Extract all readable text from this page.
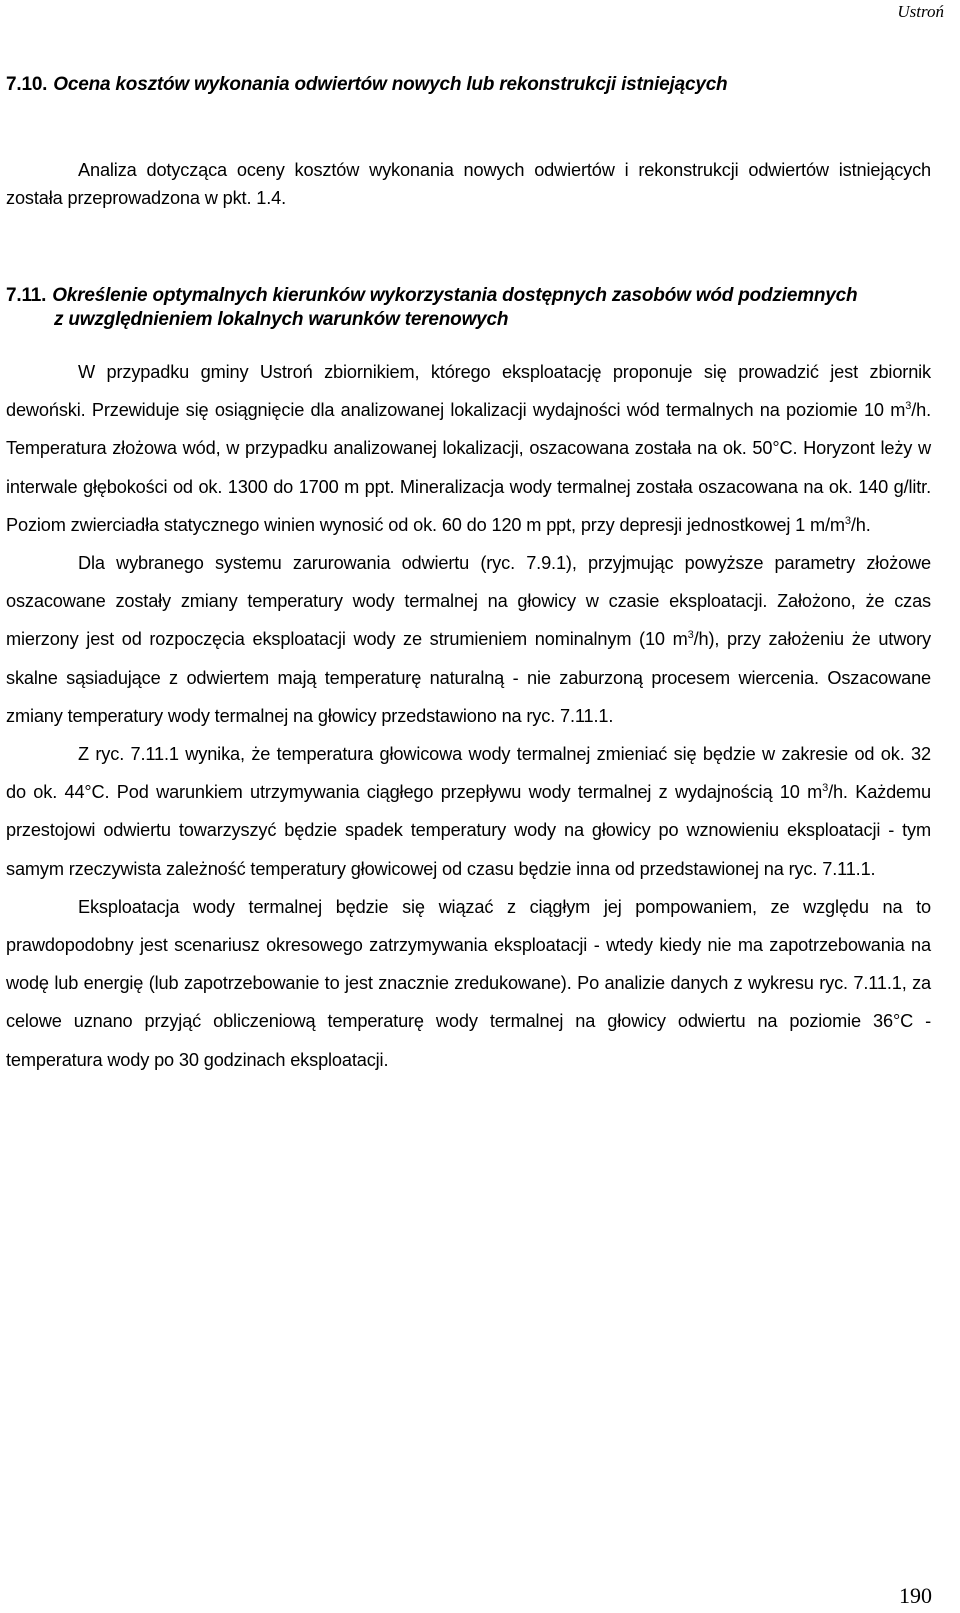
Ustroń
7.10. Ocena kosztów wykonania odwiertów nowych lub rekonstrukcji istniejących

Analiza dotycząca oceny kosztów wykonania nowych odwiertów i rekonstrukcji odwiertów istniejących została przeprowadzona w pkt. 1.4.

7.11. Określenie optymalnych kierunków wykorzystania dostępnych zasobów wód podziemnych
z uwzględnieniem lokalnych warunków terenowych

W przypadku gminy Ustroń zbiornikiem, którego eksploatację proponuje się prowadzić jest zbiornik dewoński. Przewiduje się osiągnięcie dla analizowanej lokalizacji wydajności wód termalnych na poziomie 10 $m^3/h$. Temperatura złożowa wód, w przypadku analizowanej lokalizacji, oszacowana została na ok. 50°C. Horyzont leży w interwale głębokości od ok. 1300 do 1700 m ppt. Mineralizacja wody termalnej została oszacowana na ok. 140 g/litr. Poziom zwierciadła statycznego winien wynosić od ok. 60 do 120 m ppt, przy depresji jednostkowej 1 $m/m^3/h$.

Dla wybranego systemu zarurowania odwiertu (ryc. 7.9.1), przyjmując powyższe parametry złożowe oszacowane zostały zmiany temperatury wody termalnej na głowicy w czasie eksploatacji. Założono, że czas mierzony jest od rozpoczęcia eksploatacji wody ze strumieniem nominalnym (10 $m^3/h$), przy założeniu że utwory skalne sąsiadujące z odwiertem mają temperaturę naturalną - nie zaburzoną procesem wiercenia. Oszacowane zmiany temperatury wody termalnej na głowicy przedstawiono na ryc. 7.11.1.

Z ryc. 7.11.1 wynika, że temperatura głowicowa wody termalnej zmieniać się będzie w zakresie od ok. 32 do ok. 44°C. Pod warunkiem utrzymywania ciągłego przepływu wody termalnej z wydajnością 10 $m^3/h$. Każdemu przestojowi odwiertu towarzyszyć będzie spadek temperatury wody na głowicy po wznowieniu eksploatacji - tym samym rzeczywista zależność temperatury głowicowej od czasu będzie inna od przedstawionej na ryc. 7.11.1.

Eksploatacja wody termalnej będzie się wiązać z ciągłym jej pompowaniem, ze względu na to prawdopodobny jest scenariusz okresowego zatrzymywania eksploatacji - wtedy kiedy nie ma zapotrzebowania na wodę lub energię (lub zapotrzebowanie to jest znacznie zredukowane). Po analizie danych z wykresu ryc. 7.11.1, za celowe uznano przyjąć obliczeniową temperaturę wody termalnej na głowicy odwiertu na poziomie 36°C - temperatura wody po 30 godzinach eksploatacji.

190
